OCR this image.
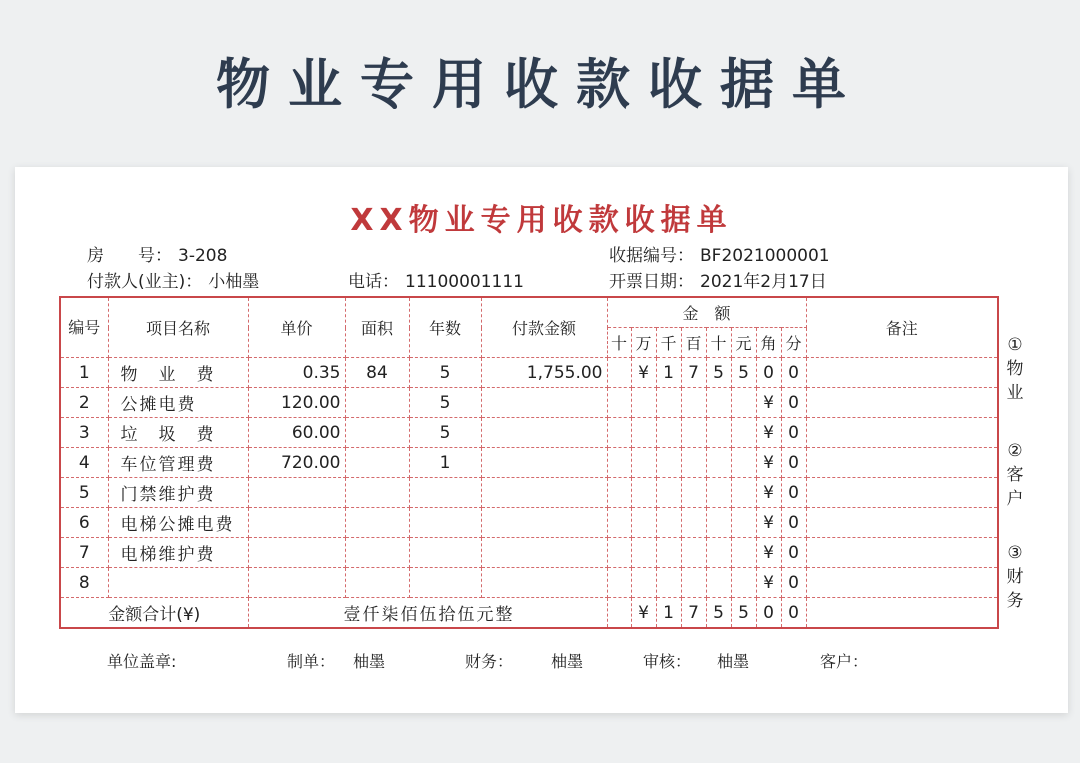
物业专用收款收据单
XX物业专用收款收据单
房　　号： 3-208
付款人(业主)： 小柚墨	电话： 11100001111
收据编号： BF2021000001
开票日期： 2021年2月17日
编号	项目名称	单价	面积	年数	付款金额	金　额								备注
						十	万	千	百	十	元	角	分	
1	物　业　费	0.35	84	5	1,755.00		¥	1	7	5	5	0	0	
2	公摊电费	120.00		5								¥	0	
3	垃　圾　费	60.00		5								¥	0	
4	车位管理费	720.00		1								¥	0	
5	门禁维护费											¥	0	
6	电梯公摊电费											¥	0	
7	电梯维护费											¥	0	
8												¥	0	
金额合计(¥)		壹仟柒佰伍拾伍元整					¥	1	7	5	5	0	0	
①
物业
②
客户
③
财务
单位盖章:	制单： 柚墨	财务： 柚墨	审核： 柚墨	客户：
